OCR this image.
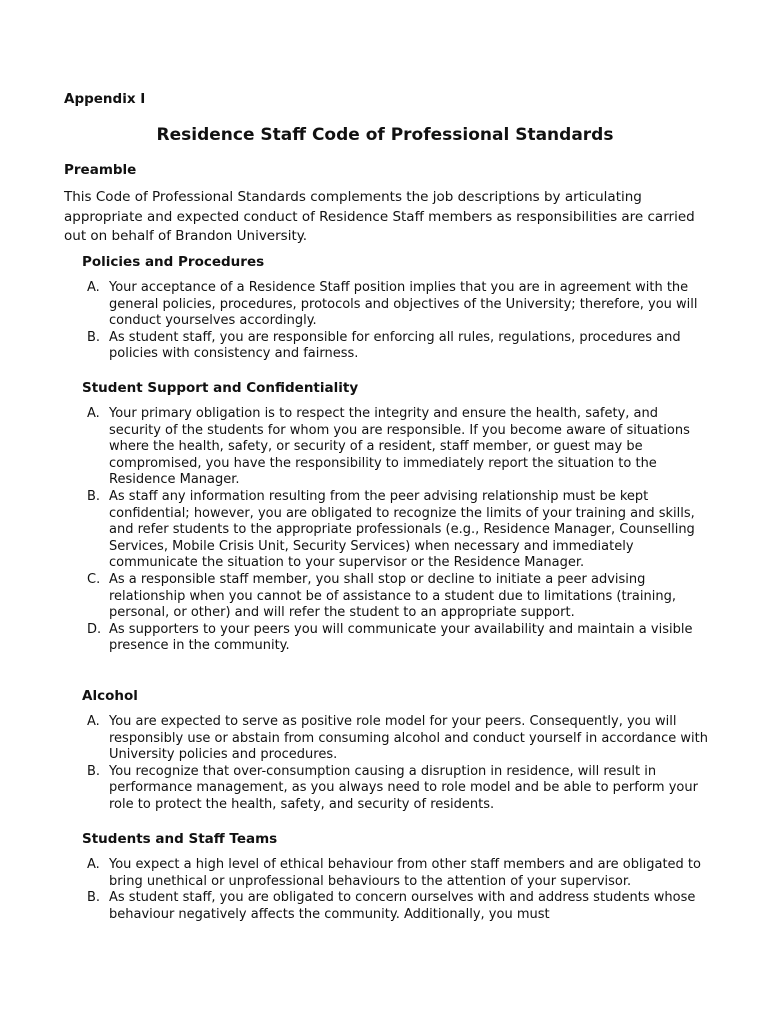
Appendix I
Residence Staff Code of Professional Standards
Preamble
This Code of Professional Standards complements the job descriptions by articulating appropriate and expected conduct of Residence Staff members as responsibilities are carried out on behalf of Brandon University.
Policies and Procedures
A. Your acceptance of a Residence Staff position implies that you are in agreement with the general policies, procedures, protocols and objectives of the University; therefore, you will conduct yourselves accordingly.
B. As student staff, you are responsible for enforcing all rules, regulations, procedures and policies with consistency and fairness.
Student Support and Confidentiality
A. Your primary obligation is to respect the integrity and ensure the health, safety, and security of the students for whom you are responsible. If you become aware of situations where the health, safety, or security of a resident, staff member, or guest may be compromised, you have the responsibility to immediately report the situation to the Residence Manager.
B. As staff any information resulting from the peer advising relationship must be kept confidential; however, you are obligated to recognize the limits of your training and skills, and refer students to the appropriate professionals (e.g., Residence Manager, Counselling Services, Mobile Crisis Unit, Security Services) when necessary and immediately communicate the situation to your supervisor or the Residence Manager.
C. As a responsible staff member, you shall stop or decline to initiate a peer advising relationship when you cannot be of assistance to a student due to limitations (training, personal, or other) and will refer the student to an appropriate support.
D. As supporters to your peers you will communicate your availability and maintain a visible presence in the community.
Alcohol
A. You are expected to serve as positive role model for your peers. Consequently, you will responsibly use or abstain from consuming alcohol and conduct yourself in accordance with University policies and procedures.
B. You recognize that over-consumption causing a disruption in residence, will result in performance management, as you always need to role model and be able to perform your role to protect the health, safety, and security of residents.
Students and Staff Teams
A. You expect a high level of ethical behaviour from other staff members and are obligated to bring unethical or unprofessional behaviours to the attention of your supervisor.
B. As student staff, you are obligated to concern ourselves with and address students whose behaviour negatively affects the community. Additionally, you must
